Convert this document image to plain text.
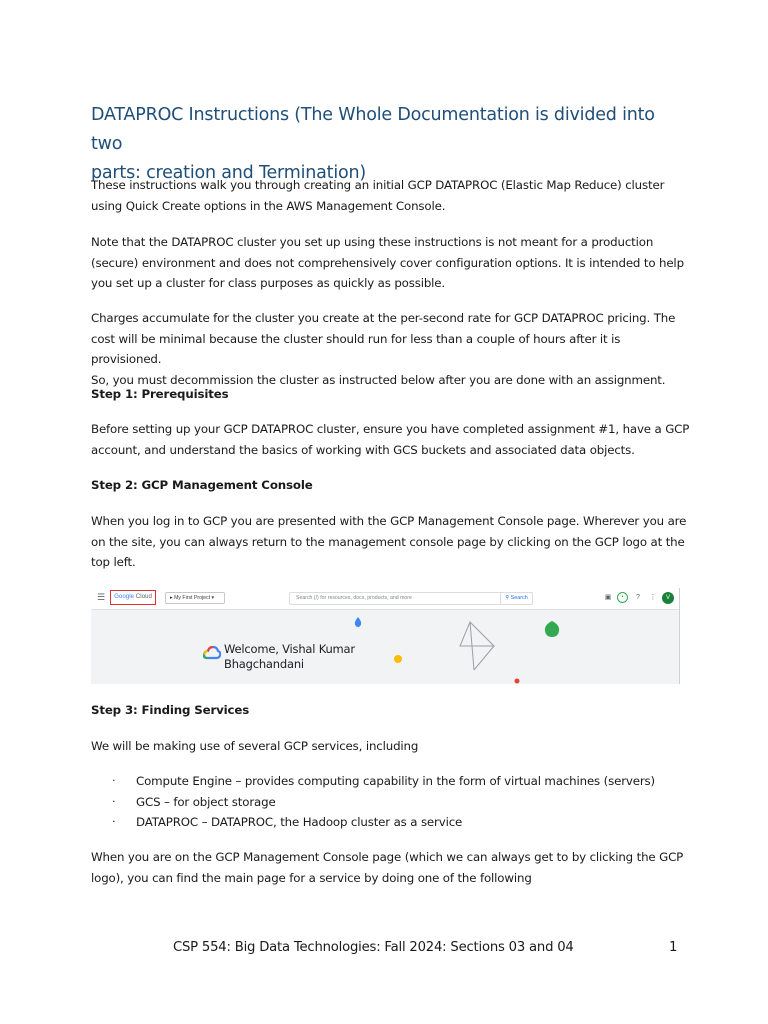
DATAPROC Instructions (The Whole Documentation is divided into two
parts: creation and Termination)

These instructions walk you through creating an initial GCP DATAPROC (Elastic Map Reduce) cluster
using Quick Create options in the AWS Management Console.

Note that the DATAPROC cluster you set up using these instructions is not meant for a production
(secure) environment and does not comprehensively cover configuration options. It is intended to help
you set up a cluster for class purposes as quickly as possible.

Charges accumulate for the cluster you create at the per-second rate for GCP DATAPROC pricing. The
cost will be minimal because the cluster should run for less than a couple of hours after it is provisioned.
So, you must decommission the cluster as instructed below after you are done with an assignment.

Step 1: Prerequisites

Before setting up your GCP DATAPROC cluster, ensure you have completed assignment #1, have a GCP
account, and understand the basics of working with GCS buckets and associated data objects.

Step 2: GCP Management Console

When you log in to GCP you are presented with the GCP Management Console page. Wherever you are
on the site, you can always return to the management console page by clicking on the GCP logo at the
top left.

☰	Google Cloud	▸ My First Project ▾	Search (/) for resources, docs, products, and more	⚲ Search	▣	•	?	⋮	V
Welcome, Vishal Kumar
Bhagchandani

Step 3: Finding Services

We will be making use of several GCP services, including

· Compute Engine – provides computing capability in the form of virtual machines (servers)
· GCS – for object storage
· DATAPROC – DATAPROC, the Hadoop cluster as a service

When you are on the GCP Management Console page (which we can always get to by clicking the GCP
logo), you can find the main page for a service by doing one of the following

CSP 554: Big Data Technologies: Fall 2024: Sections 03 and 04	1
